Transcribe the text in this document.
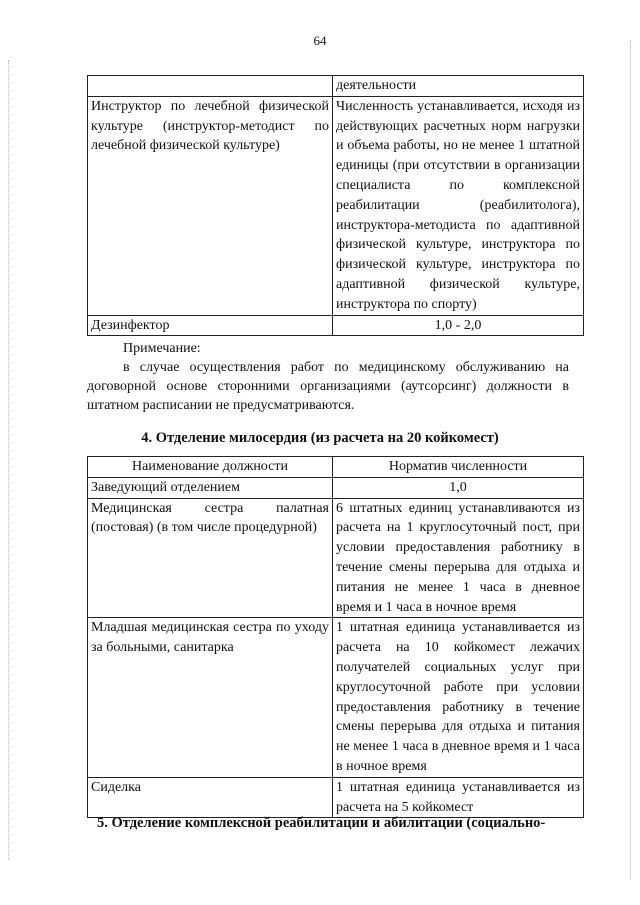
64
	деятельности
Инструктор по лечебной физической культуре (инструктор-методист по лечебной физической культуре)	Численность устанавливается, исходя из действующих расчетных норм нагрузки и объема работы, но не менее 1 штатной единицы (при отсутствии в организации специалиста по комплексной реабилитации (реабилитолога), инструктора-методиста по адаптивной физической культуре, инструктора по физической культуре, инструктора по адаптивной физической культуре, инструктора по спорту)
Дезинфектор	1,0 - 2,0
Примечание:
в случае осуществления работ по медицинскому обслуживанию на договорной основе сторонними организациями (аутсорсинг) должности в штатном расписании не предусматриваются.
4. Отделение милосердия (из расчета на 20 койкомест)
Наименование должности	Норматив численности
Заведующий отделением	1,0
Медицинская сестра палатная (постовая) (в том числе процедурной)	6 штатных единиц устанавливаются из расчета на 1 круглосуточный пост, при условии предоставления работнику в течение смены перерыва для отдыха и питания не менее 1 часа в дневное время и 1 часа в ночное время
Младшая медицинская сестра по уходу за больными, санитарка	1 штатная единица устанавливается из расчета на 10 койкомест лежачих получателей социальных услуг при круглосуточной работе при условии предоставления работнику в течение смены перерыва для отдыха и питания не менее 1 часа в дневное время и 1 часа в ночное время
Сиделка	1 штатная единица устанавливается из расчета на 5 койкомест
5. Отделение комплексной реабилитации и абилитации (социально-
